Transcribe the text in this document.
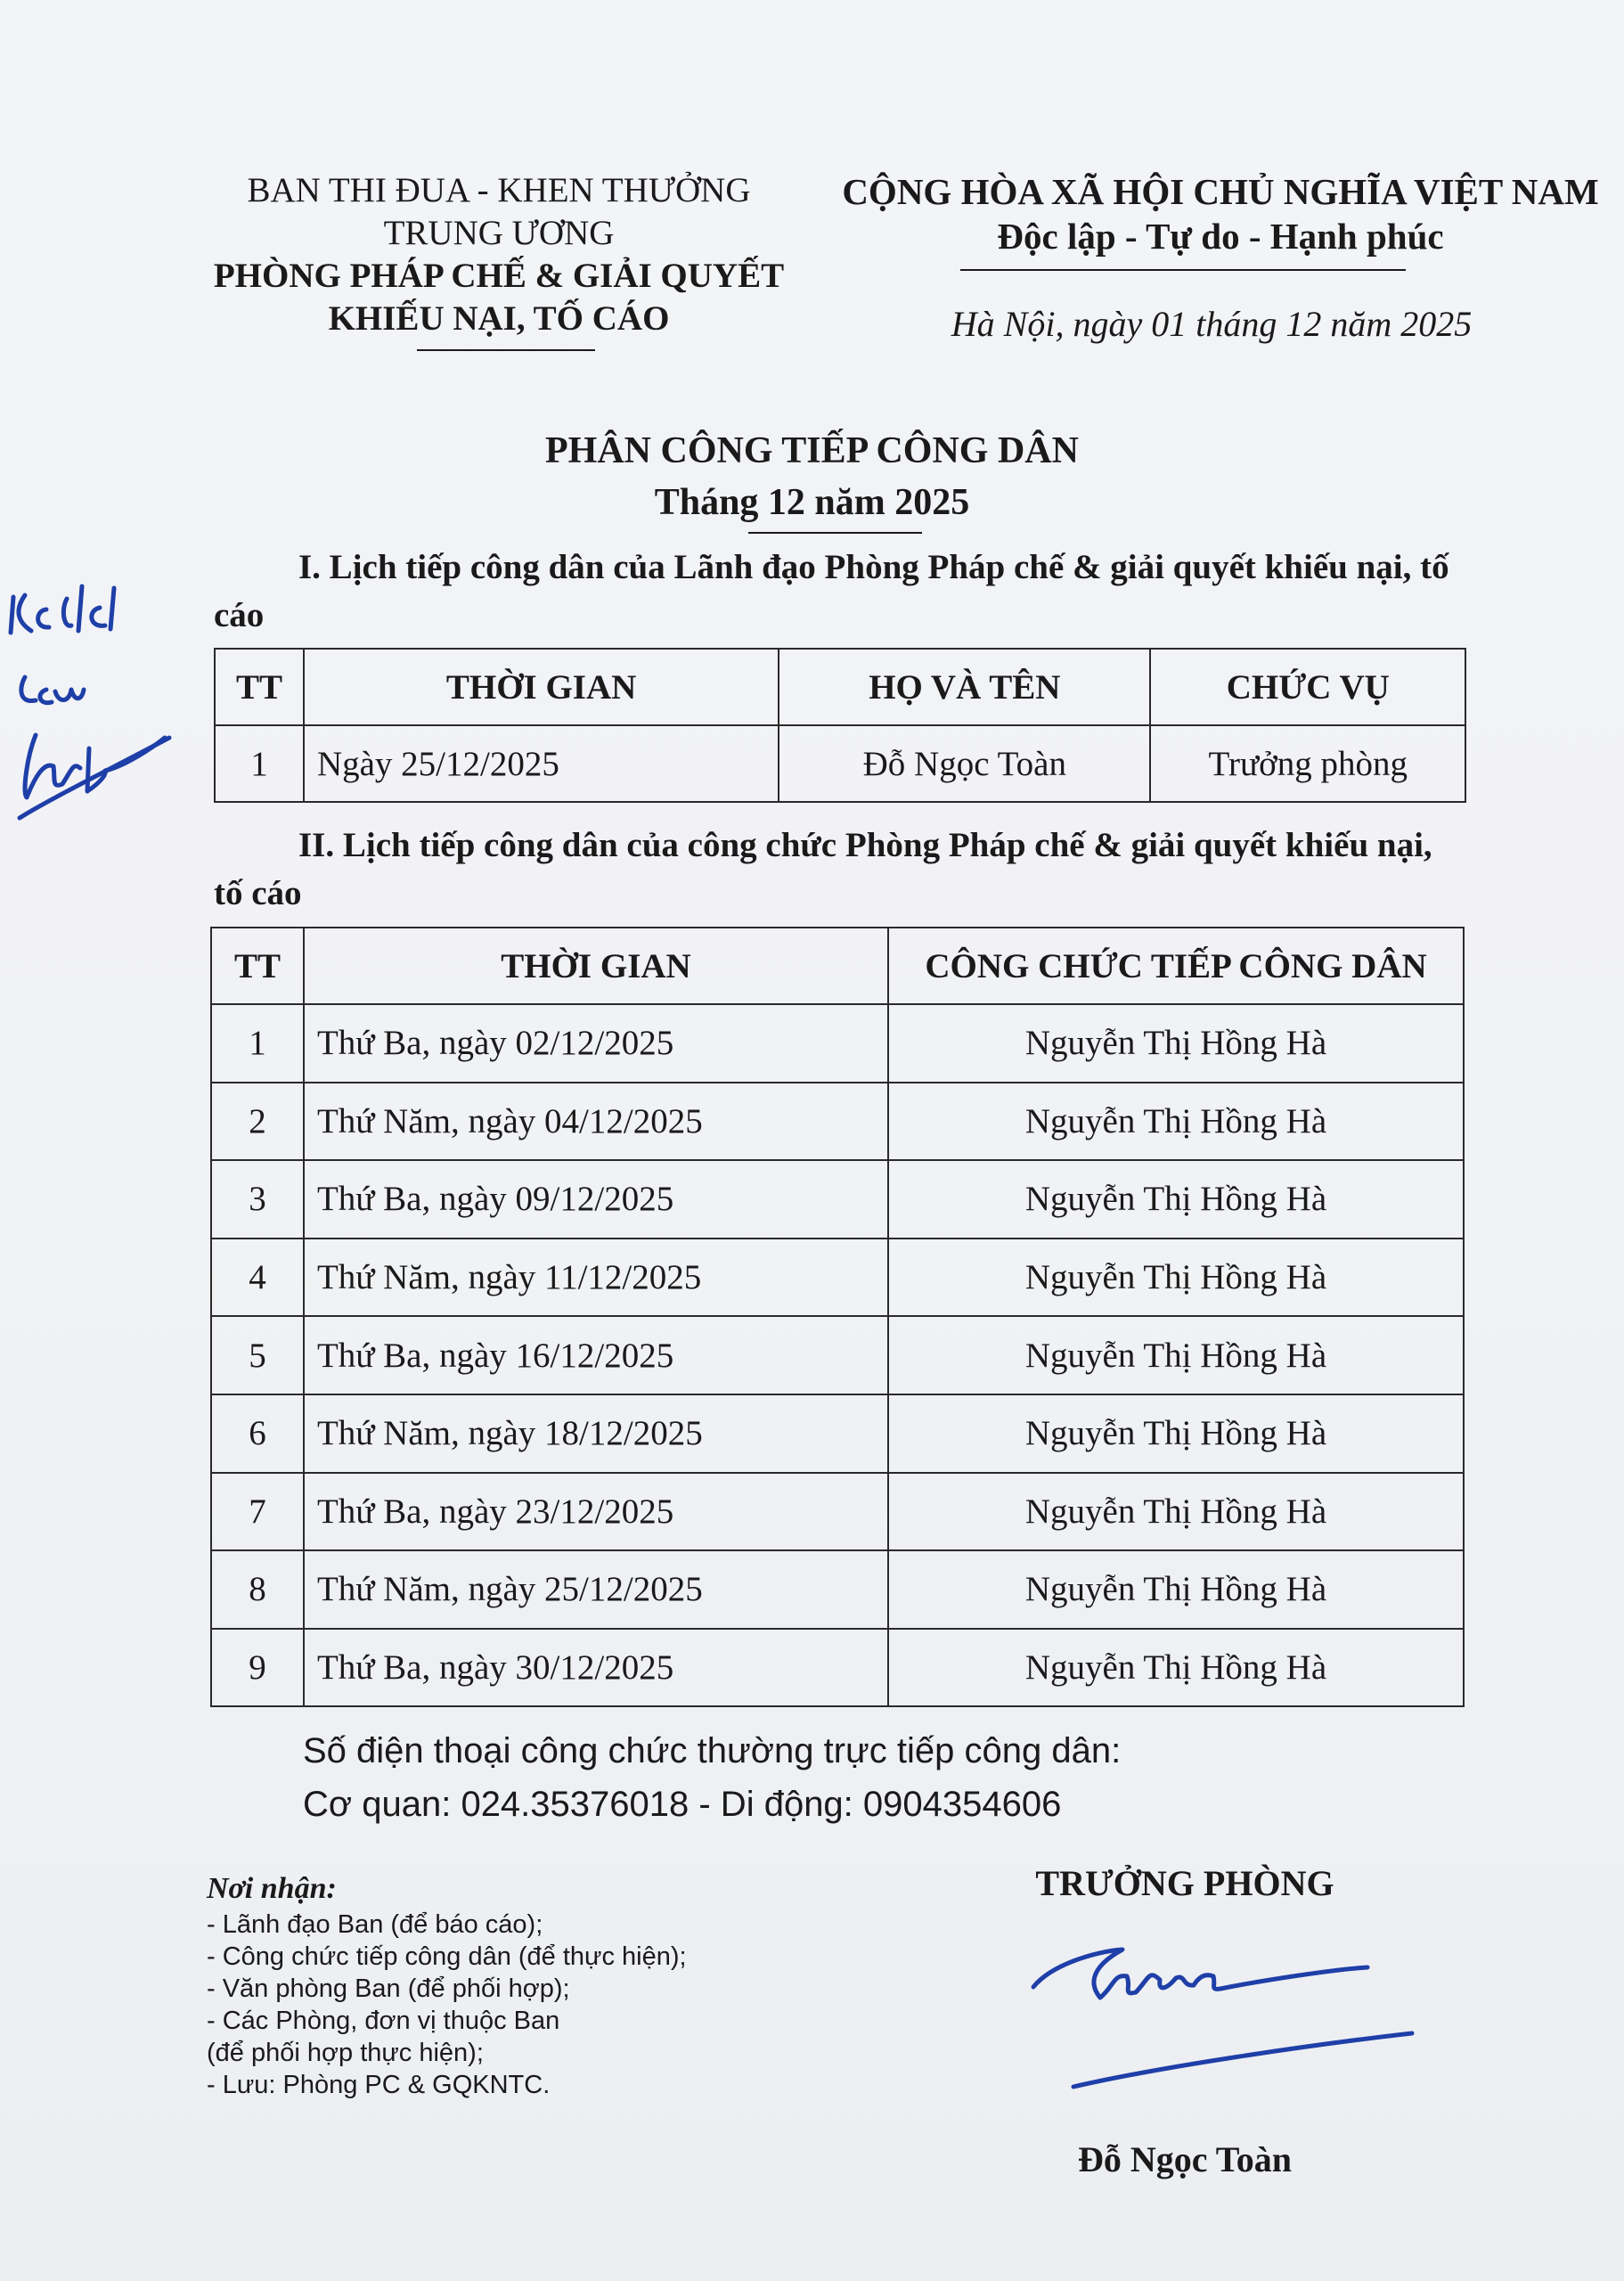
BAN THI ĐUA - KHEN THƯỞNG
TRUNG ƯƠNG
PHÒNG PHÁP CHẾ & GIẢI QUYẾT
KHIẾU NẠI, TỐ CÁO
CỘNG HÒA XÃ HỘI CHỦ NGHĨA VIỆT NAM
Độc lập - Tự do - Hạnh phúc
Hà Nội, ngày 01 tháng 12 năm 2025
PHÂN CÔNG TIẾP CÔNG DÂN
Tháng 12 năm 2025
I. Lịch tiếp công dân của Lãnh đạo Phòng Pháp chế & giải quyết khiếu nại, tố cáo
TT	THỜI GIAN	HỌ VÀ TÊN	CHỨC VỤ
1	Ngày 25/12/2025	Đỗ Ngọc Toàn	Trưởng phòng
II. Lịch tiếp công dân của công chức Phòng Pháp chế & giải quyết khiếu nại, tố cáo
TT	THỜI GIAN	CÔNG CHỨC TIẾP CÔNG DÂN
1	Thứ Ba, ngày 02/12/2025	Nguyễn Thị Hồng Hà
2	Thứ Năm, ngày 04/12/2025	Nguyễn Thị Hồng Hà
3	Thứ Ba, ngày 09/12/2025	Nguyễn Thị Hồng Hà
4	Thứ Năm, ngày 11/12/2025	Nguyễn Thị Hồng Hà
5	Thứ Ba, ngày 16/12/2025	Nguyễn Thị Hồng Hà
6	Thứ Năm, ngày 18/12/2025	Nguyễn Thị Hồng Hà
7	Thứ Ba, ngày 23/12/2025	Nguyễn Thị Hồng Hà
8	Thứ Năm, ngày 25/12/2025	Nguyễn Thị Hồng Hà
9	Thứ Ba, ngày 30/12/2025	Nguyễn Thị Hồng Hà
Số điện thoại công chức thường trực tiếp công dân:
Cơ quan: 024.35376018 - Di động: 0904354606
Nơi nhận:
- Lãnh đạo Ban (để báo cáo);
- Công chức tiếp công dân (để thực hiện);
- Văn phòng Ban (để phối hợp);
- Các Phòng, đơn vị thuộc Ban
(để phối hợp thực hiện);
- Lưu: Phòng PC & GQKNTC.
TRƯỞNG PHÒNG
Đỗ Ngọc Toàn
